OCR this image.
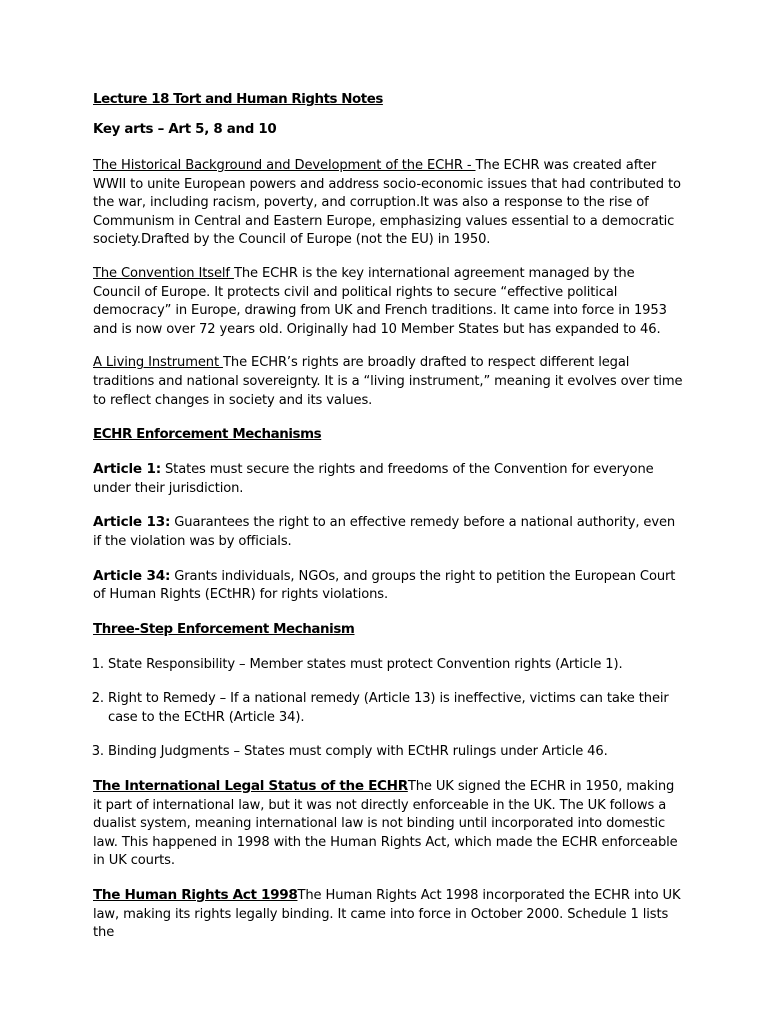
Lecture 18 Tort and Human Rights Notes
Key arts – Art 5, 8 and 10

The Historical Background and Development of the ECHR - The ECHR was created after WWII to unite European powers and address socio-economic issues that had contributed to the war, including racism, poverty, and corruption.It was also a response to the rise of Communism in Central and Eastern Europe, emphasizing values essential to a democratic society.Drafted by the Council of Europe (not the EU) in 1950.

The Convention Itself The ECHR is the key international agreement managed by the Council of Europe. It protects civil and political rights to secure “effective political democracy” in Europe, drawing from UK and French traditions. It came into force in 1953 and is now over 72 years old. Originally had 10 Member States but has expanded to 46.

A Living Instrument The ECHR’s rights are broadly drafted to respect different legal traditions and national sovereignty. It is a “living instrument,” meaning it evolves over time to reflect changes in society and its values.

ECHR Enforcement Mechanisms

Article 1: States must secure the rights and freedoms of the Convention for everyone under their jurisdiction.

Article 13: Guarantees the right to an effective remedy before a national authority, even if the violation was by officials.

Article 34: Grants individuals, NGOs, and groups the right to petition the European Court of Human Rights (ECtHR) for rights violations.

Three-Step Enforcement Mechanism
1. State Responsibility – Member states must protect Convention rights (Article 1).
2. Right to Remedy – If a national remedy (Article 13) is ineffective, victims can take their case to the ECtHR (Article 34).
3. Binding Judgments – States must comply with ECtHR rulings under Article 46.

The International Legal Status of the ECHRThe UK signed the ECHR in 1950, making it part of international law, but it was not directly enforceable in the UK. The UK follows a dualist system, meaning international law is not binding until incorporated into domestic law. This happened in 1998 with the Human Rights Act, which made the ECHR enforceable in UK courts.

The Human Rights Act 1998The Human Rights Act 1998 incorporated the ECHR into UK law, making its rights legally binding. It came into force in October 2000. Schedule 1 lists the
